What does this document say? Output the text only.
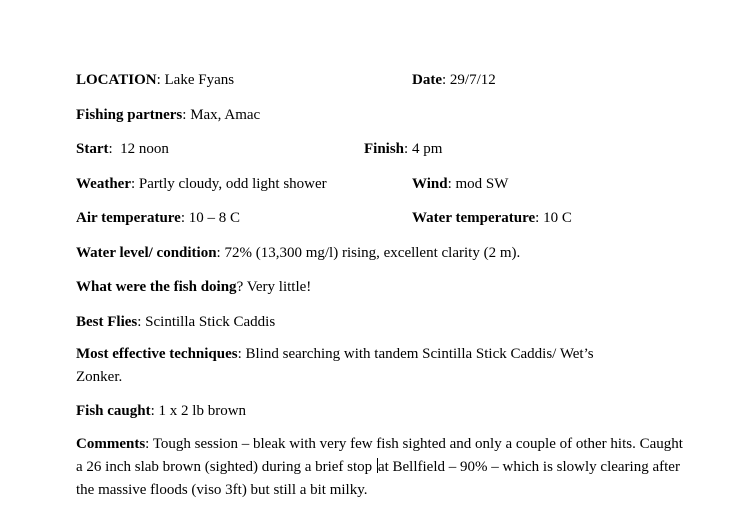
LOCATION: Lake Fyans	Date: 29/7/12
Fishing partners: Max, Amac
Start:  12 noon	Finish: 4 pm
Weather: Partly cloudy, odd light shower	Wind: mod SW
Air temperature: 10 – 8 C	Water temperature: 10 C
Water level/ condition: 72% (13,300 mg/l) rising, excellent clarity (2 m).
What were the fish doing? Very little!
Best Flies: Scintilla Stick Caddis
Most effective techniques: Blind searching with tandem Scintilla Stick Caddis/ Wet’s Zonker.
Fish caught: 1 x 2 lb brown
Comments: Tough session – bleak with very few fish sighted and only a couple of other hits. Caught a 26 inch slab brown (sighted) during a brief stop at Bellfield – 90% – which is slowly clearing after the massive floods (viso 3ft) but still a bit milky.
